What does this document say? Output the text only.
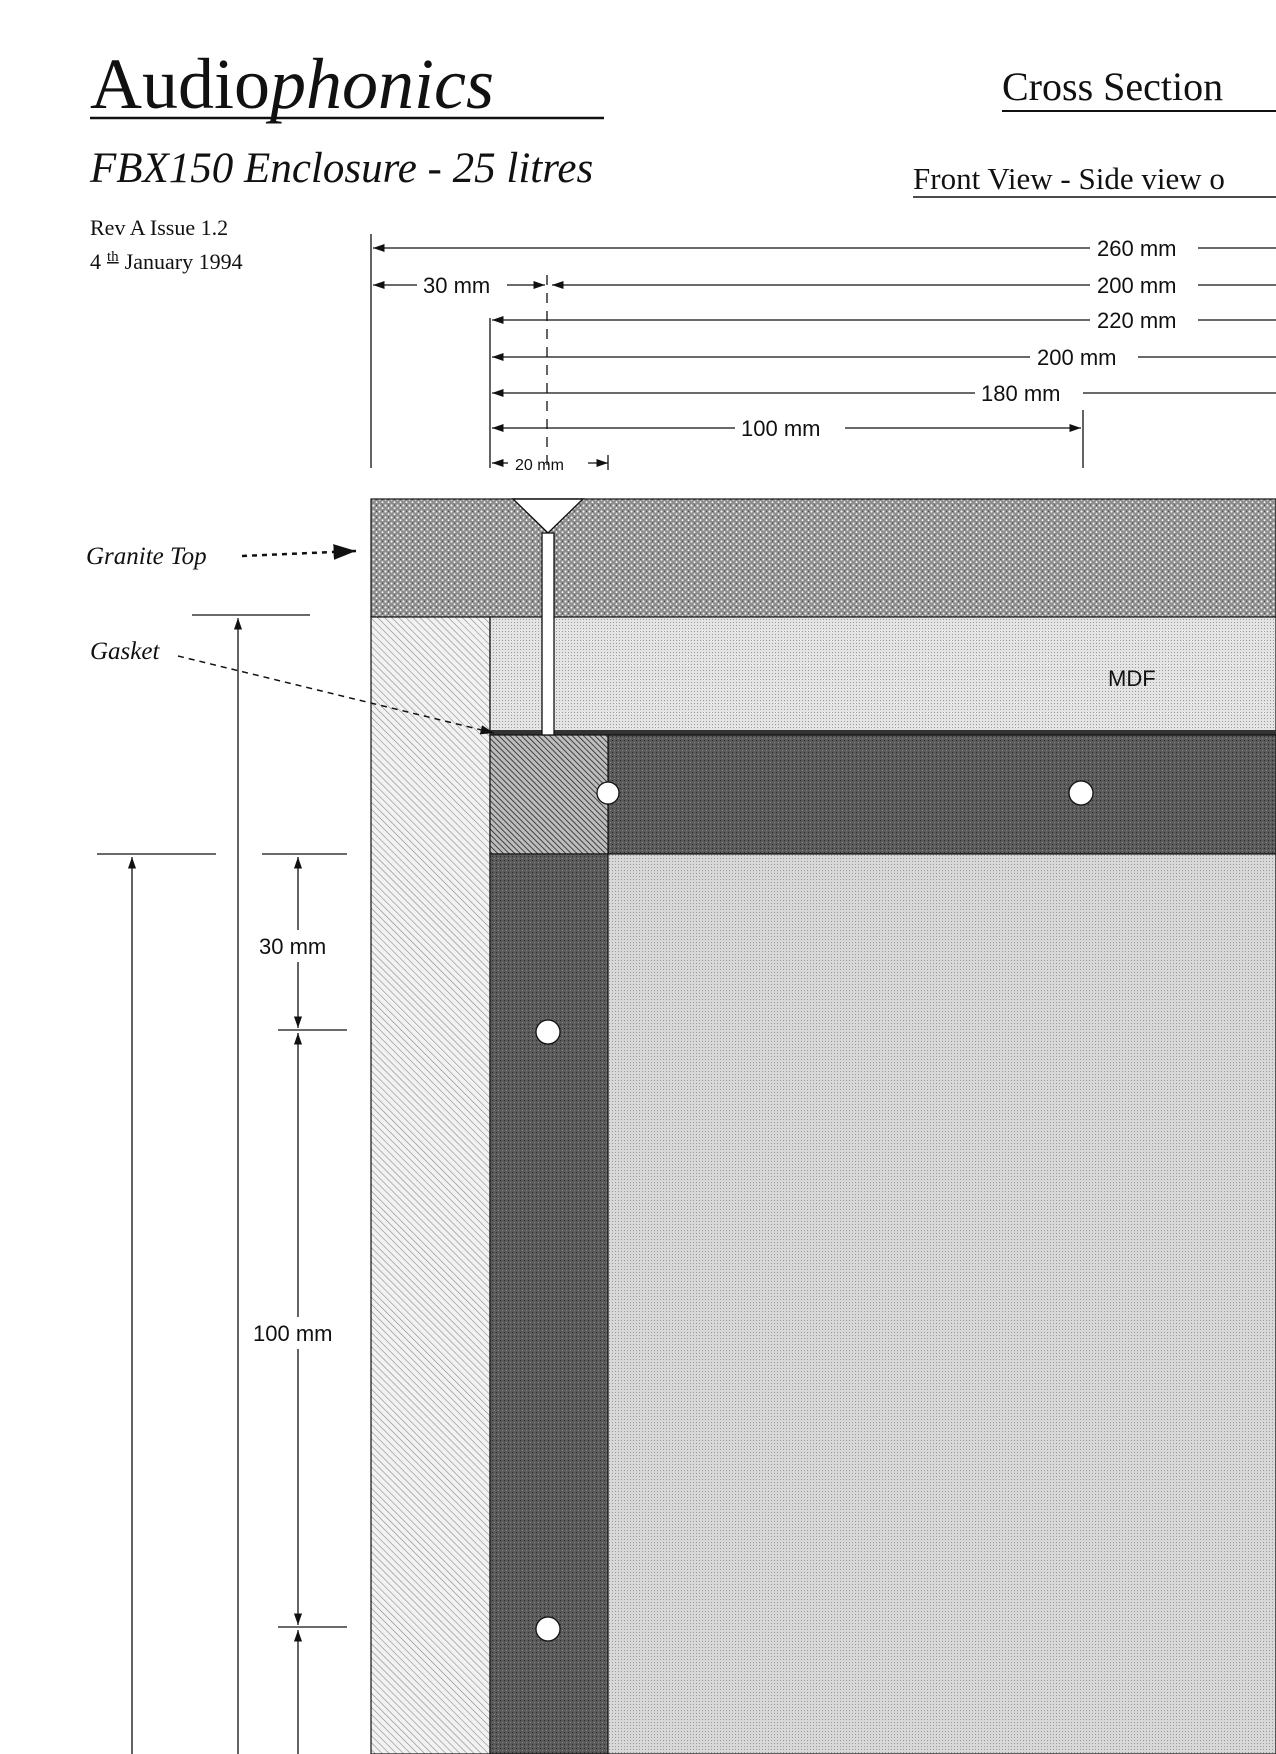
Audiophonics
FBX150 Enclosure - 25 litres
Rev A Issue 1.2
4 $^{th}$ January 1994
Cross Section
Front View - Side view o
260 mm
30 mm	200 mm
220 mm
200 mm
180 mm
100 mm
20 mm
MDF
Granite Top
Gasket
30 mm
100 mm
